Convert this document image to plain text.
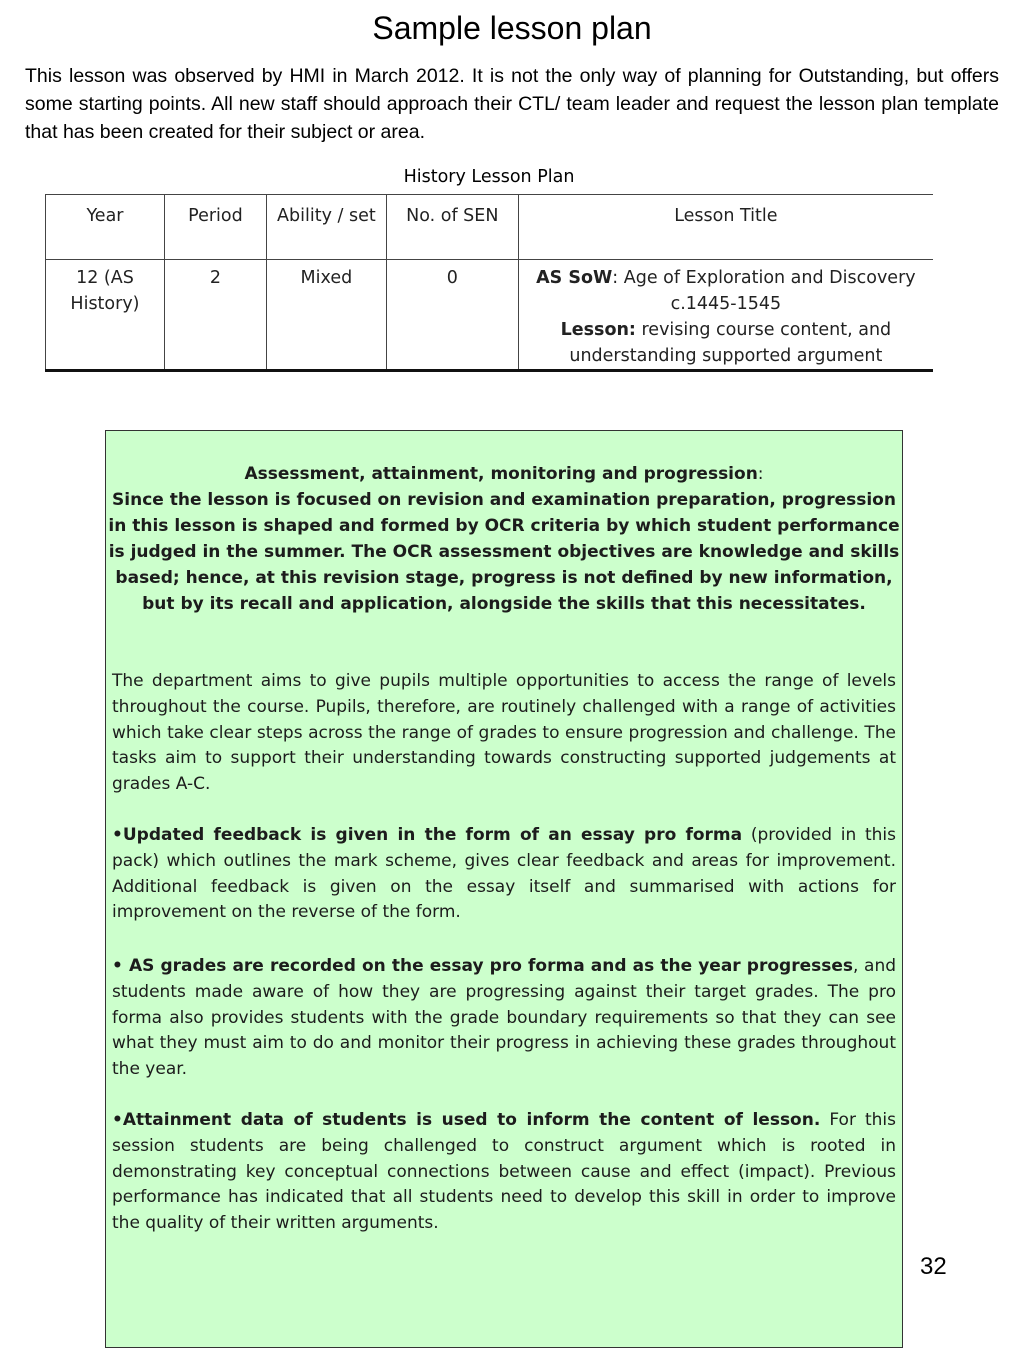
Sample lesson plan
This lesson was observed by HMI in March 2012. It is not the only way of planning for Outstanding, but offers some starting points. All new staff should approach their CTL/ team leader and request the lesson plan template that has been created for their subject or area.
History Lesson Plan
Year	Period	Ability / set	No. of SEN	Lesson Title
12 (AS History)	2	Mixed	0	AS SoW: Age of Exploration and Discovery c.1445-1545
Lesson: revising course content, and understanding supported argument
Assessment, attainment, monitoring and progression:
Since the lesson is focused on revision and examination preparation, progression in this lesson is shaped and formed by OCR criteria by which student performance is judged in the summer. The OCR assessment objectives are knowledge and skills based; hence, at this revision stage, progress is not defined by new information, but by its recall and application, alongside the skills that this necessitates.
The department aims to give pupils multiple opportunities to access the range of levels throughout the course. Pupils, therefore, are routinely challenged with a range of activities which take clear steps across the range of grades to ensure progression and challenge. The tasks aim to support their understanding towards constructing supported judgements at grades A-C.
•Updated feedback is given in the form of an essay pro forma (provided in this pack) which outlines the mark scheme, gives clear feedback and areas for improvement. Additional feedback is given on the essay itself and summarised with actions for improvement on the reverse of the form.
• AS grades are recorded on the essay pro forma and as the year progresses, and students made aware of how they are progressing against their target grades. The pro forma also provides students with the grade boundary requirements so that they can see what they must aim to do and monitor their progress in achieving these grades throughout the year.
•Attainment data of students is used to inform the content of lesson. For this session students are being challenged to construct argument which is rooted in demonstrating key conceptual connections between cause and effect (impact). Previous performance has indicated that all students need to develop this skill in order to improve the quality of their written arguments.
32
